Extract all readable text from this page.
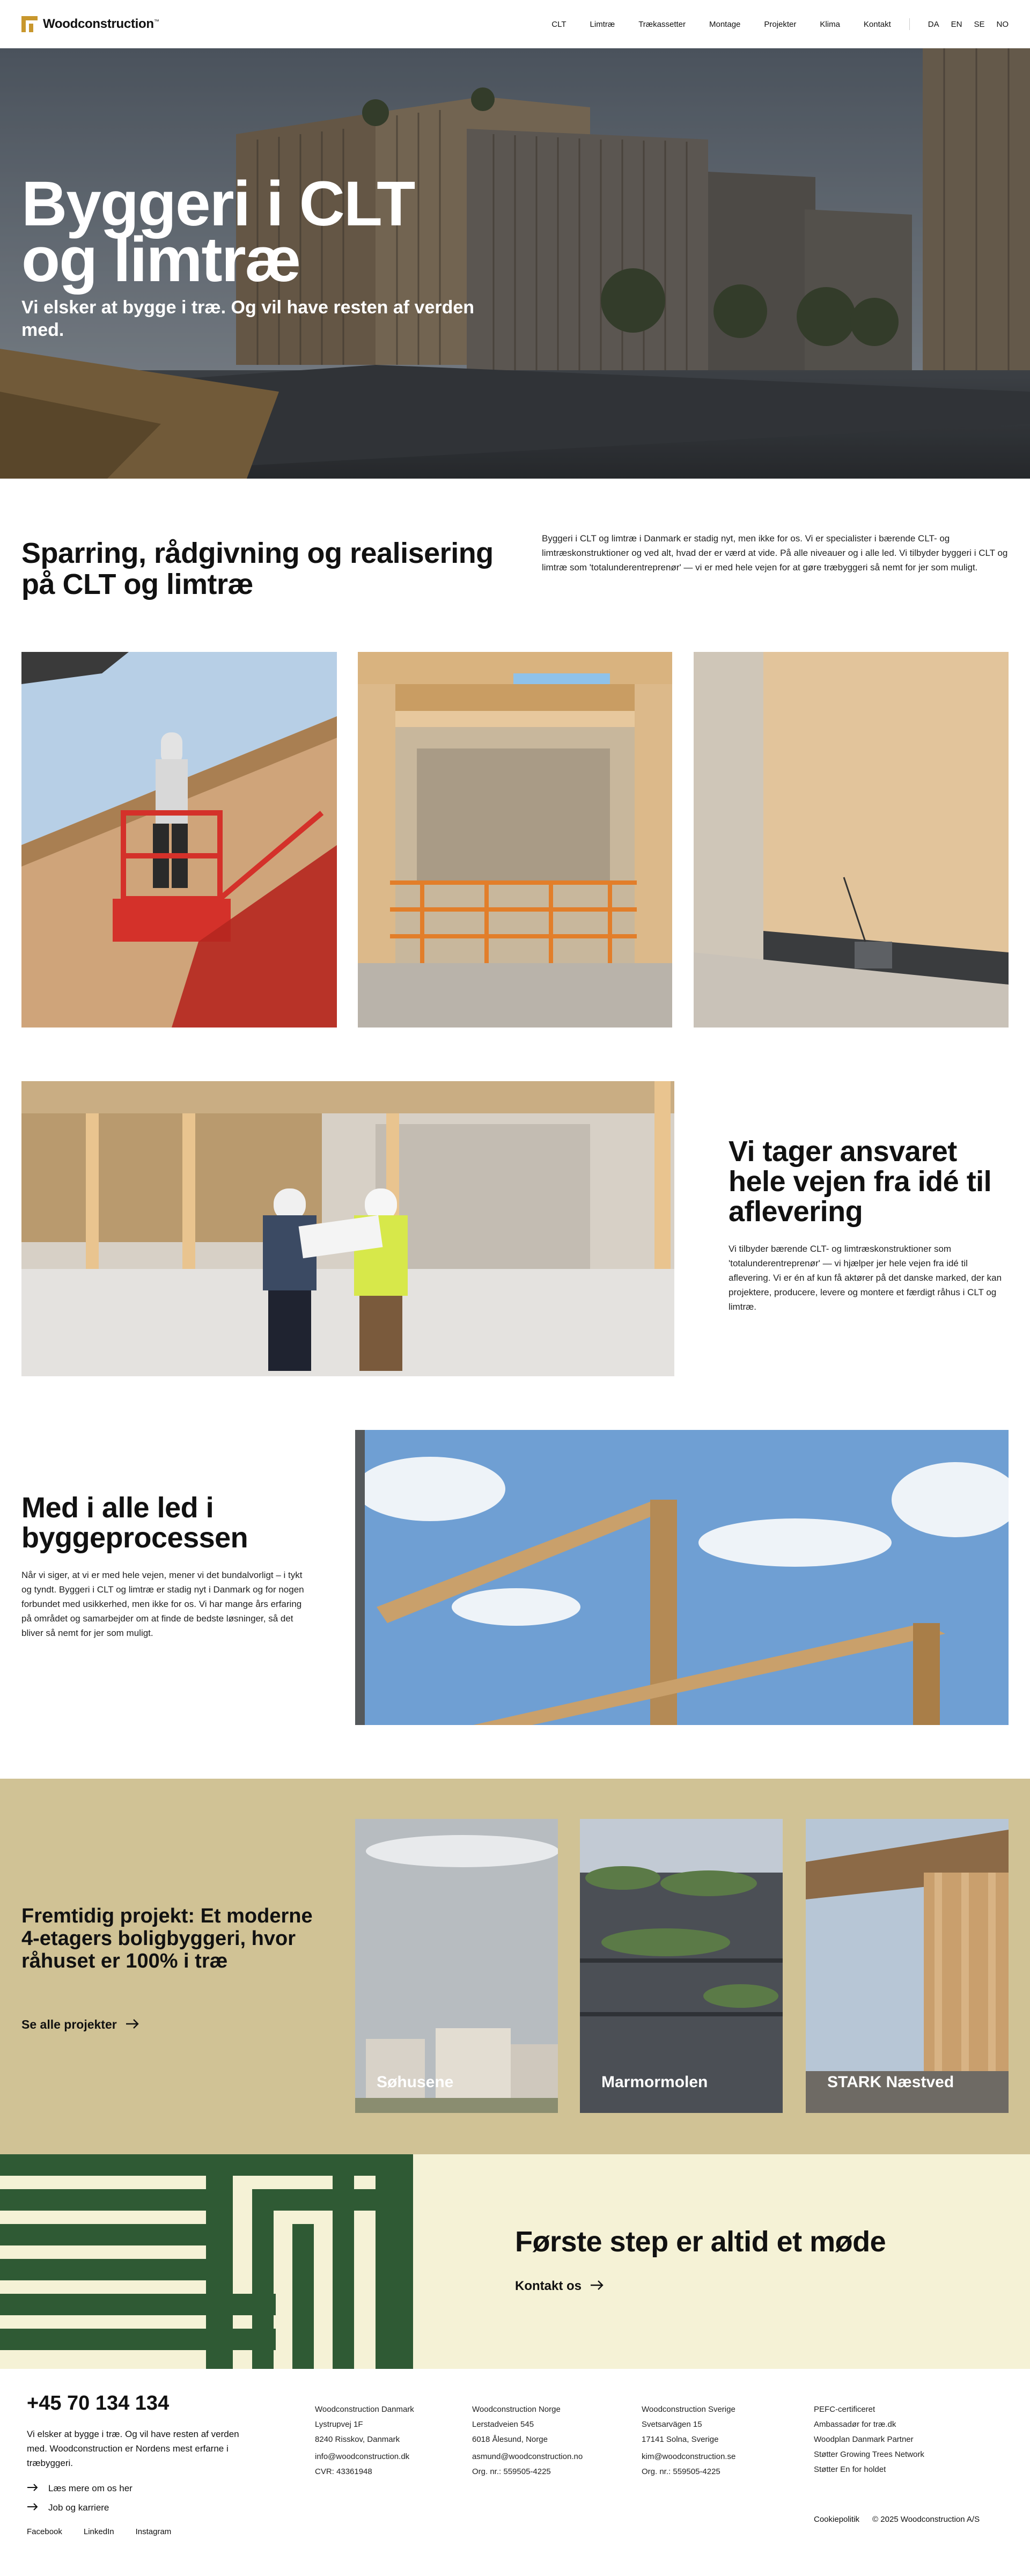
Woodconstruction™	CLT	Limtræ	Trækassetter	Montage	Projekter	Klima	Kontakt	DA EN SE NO
Byggeri i CLT og limtræ

Vi elsker at bygge i træ. Og vil have resten af verden med.

Sparring, rådgivning og realisering på CLT og limtræ

Byggeri i CLT og limtræ i Danmark er stadig nyt, men ikke for os. Vi er specialister i bærende CLT- og limtræskonstruktioner og ved alt, hvad der er værd at vide. På alle niveauer og i alle led. Vi tilbyder byggeri i CLT og limtræ som 'totalunderentreprenør' — vi er med hele vejen for at gøre træbyggeri så nemt for jer som muligt.

Vi tager ansvaret hele vejen fra idé til aflevering

Vi tilbyder bærende CLT- og limtræskonstruktioner som 'totalunderentreprenør' — vi hjælper jer hele vejen fra idé til aflevering. Vi er én af kun få aktører på det danske marked, der kan projektere, producere, levere og montere et færdigt råhus i CLT og limtræ.

Med i alle led i byggeprocessen

Når vi siger, at vi er med hele vejen, mener vi det bundalvorligt – i tykt og tyndt. Byggeri i CLT og limtræ er stadig nyt i Danmark og for nogen forbundet med usikkerhed, men ikke for os. Vi har mange års erfaring på området og samarbejder om at finde de bedste løsninger, så det bliver så nemt for jer som muligt.

Fremtidig projekt: Et moderne 4-etagers boligbyggeri, hvor råhuset er 100% i træ
Se alle projekter
Søhusene	Marmormolen	STARK Næstved
Første step er altid et møde
Kontakt os
+45 70 134 134

Vi elsker at bygge i træ. Og vil have resten af verden med. Woodconstruction er Nordens mest erfarne i træbyggeri.

Læs mere om os her
Job og karriere
Facebook	LinkedIn	Instagram
Woodconstruction Danmark
Lystrupvej 1F
8240 Risskov, Danmark
info@woodconstruction.dk
CVR: 43361948
Woodconstruction Norge
Lerstadveien 545
6018 Ålesund, Norge
asmund@woodconstruction.no
Org. nr.: 559505-4225
Woodconstruction Sverige
Svetsarvägen 15
17141 Solna, Sverige
kim@woodconstruction.se
Org. nr.: 559505-4225
PEFC-certificeret
Ambassadør for træ.dk
Woodplan Danmark Partner
Støtter Growing Trees Network
Støtter En for holdet
Cookiepolitik © 2025 Woodconstruction A/S
